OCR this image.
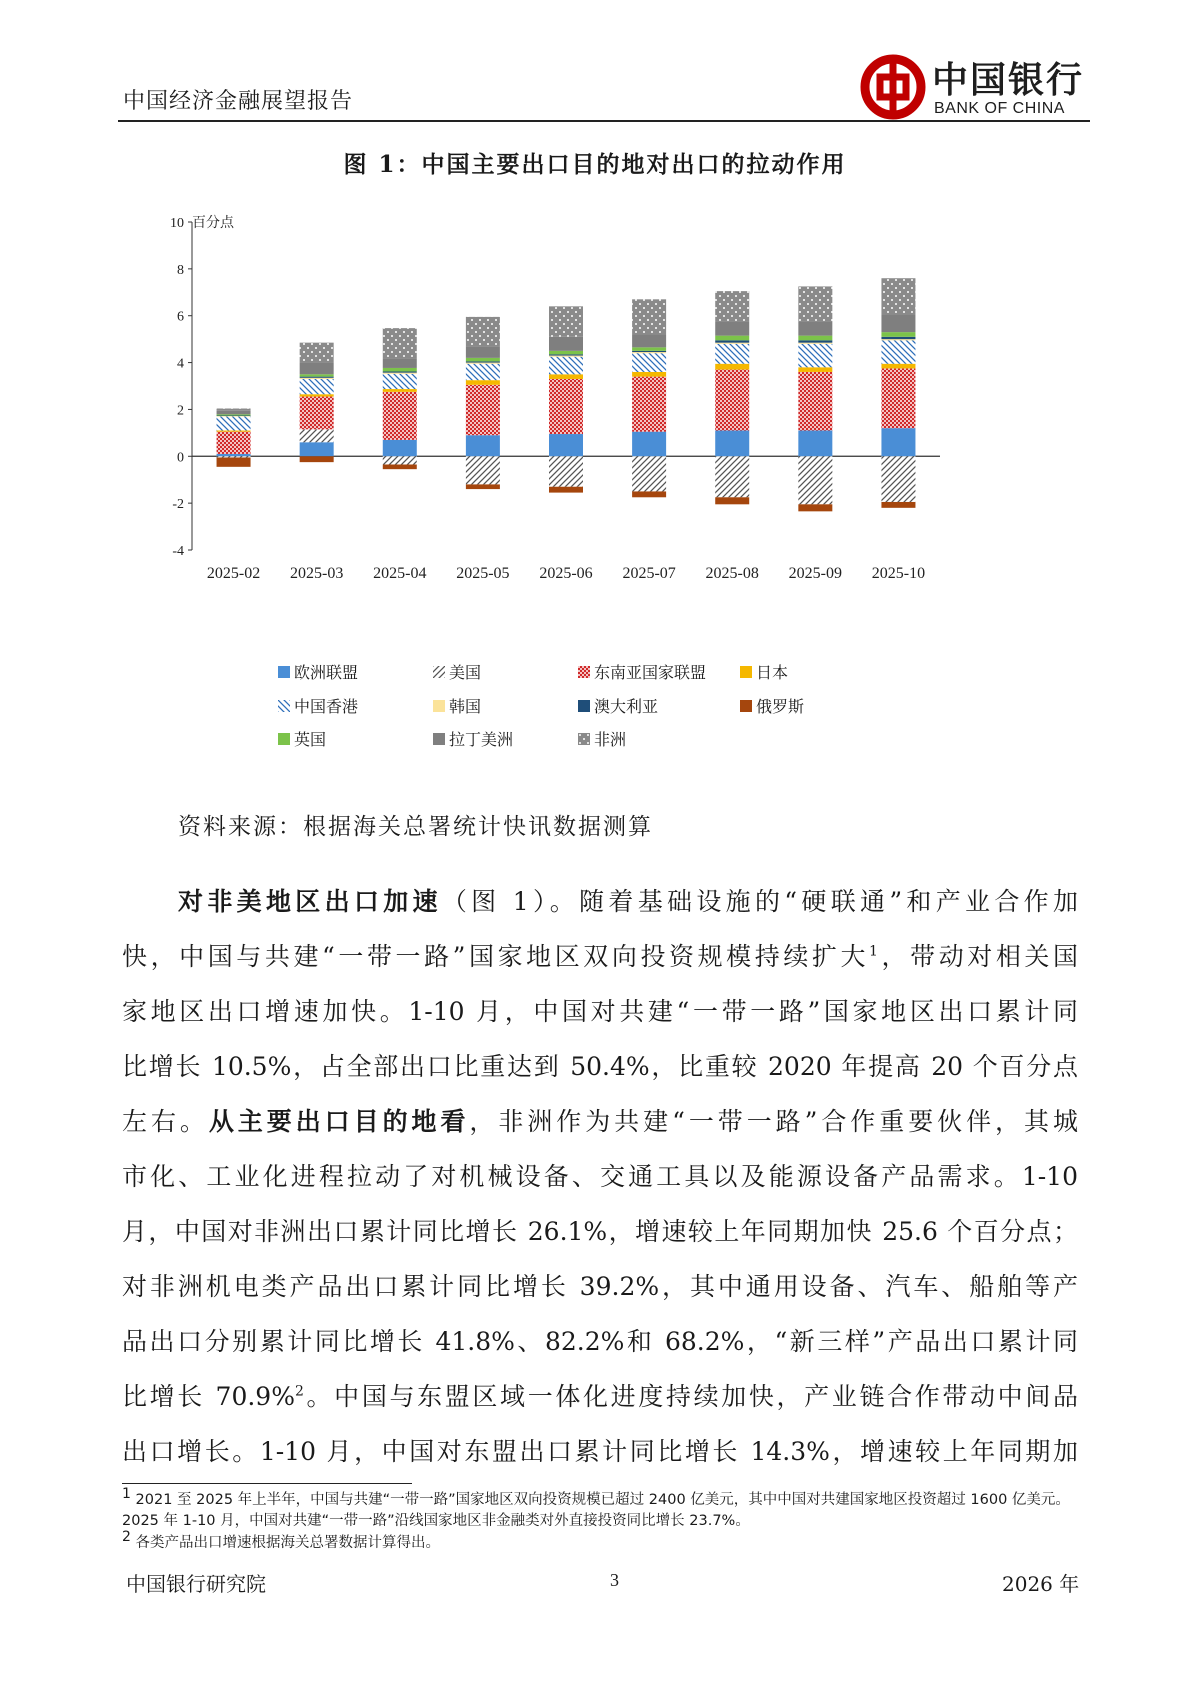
中国经济金融展望报告
中国银行
BANK OF CHINA
图 1：中国主要出口目的地对出口的拉动作用
百分点
10
8
6
4
2
0
-2
-4
2025-02 2025-03 2025-04 2025-05 2025-06 2025-07 2025-08 2025-09 2025-10
欧洲联盟	美国	东南亚国家联盟	日本
中国香港	韩国	澳大利亚	俄罗斯
英国	拉丁美洲	非洲
资料来源：根据海关总署统计快讯数据测算
对非美地区出口加速（图 1）。随着基础设施的“硬联通”和产业合作加
快，中国与共建“一带一路”国家地区双向投资规模持续扩大$^1$，带动对相关国
家地区出口增速加快。1-10 月，中国对共建“一带一路”国家地区出口累计同
比增长 10.5%，占全部出口比重达到 50.4%，比重较 2020 年提高 20 个百分点
左右。从主要出口目的地看，非洲作为共建“一带一路”合作重要伙伴，其城
市化、工业化进程拉动了对机械设备、交通工具以及能源设备产品需求。1-10
月，中国对非洲出口累计同比增长 26.1%，增速较上年同期加快 25.6 个百分点；
对非洲机电类产品出口累计同比增长 39.2%，其中通用设备、汽车、船舶等产
品出口分别累计同比增长 41.8%、82.2%和 68.2%，“新三样”产品出口累计同
比增长 70.9%$^2$。中国与东盟区域一体化进度持续加快，产业链合作带动中间品
出口增长。1-10 月，中国对东盟出口累计同比增长 14.3%，增速较上年同期加
$^1$ 2021 至 2025 年上半年，中国与共建“一带一路”国家地区双向投资规模已超过 2400 亿美元，其中中国对共建国家地区投资超过 1600 亿美元。2025 年 1-10 月，中国对共建“一带一路”沿线国家地区非金融类对外直接投资同比增长 23.7%。
$^2$ 各类产品出口增速根据海关总署数据计算得出。
中国银行研究院	3	2026 年
